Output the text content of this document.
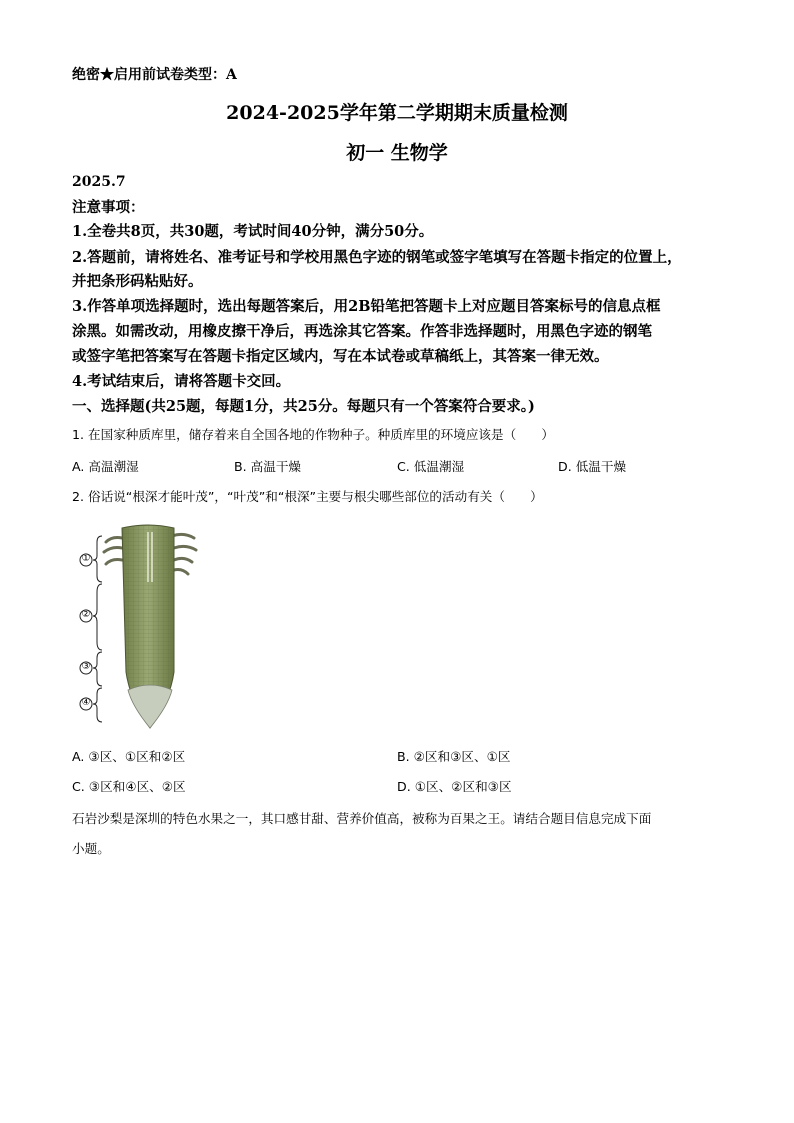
绝密★启用前试卷类型：A
2024-2025学年第二学期期末质量检测
初一 生物学
2025.7
注意事项：
1.全卷共8页，共30题，考试时间40分钟，满分50分。
2.答题前，请将姓名、准考证号和学校用黑色字迹的钢笔或签字笔填写在答题卡指定的位置上，
并把条形码粘贴好。
3.作答单项选择题时，选出每题答案后，用2B铅笔把答题卡上对应题目答案标号的信息点框
涂黑。如需改动，用橡皮擦干净后，再选涂其它答案。作答非选择题时，用黑色字迹的钢笔
或签字笔把答案写在答题卡指定区域内，写在本试卷或草稿纸上，其答案一律无效。
4.考试结束后，请将答题卡交回。
一、选择题(共25题，每题1分，共25分。每题只有一个答案符合要求。)
1. 在国家种质库里，储存着来自全国各地的作物种子。种质库里的环境应该是（　　）
A. 高温潮湿	B. 高温干燥	C. 低温潮湿	D. 低温干燥
2. 俗话说“根深才能叶茂”，“叶茂”和“根深”主要与根尖哪些部位的活动有关（　　）
①
②
③
④
A. ③区、①区和②区	B. ②区和③区、①区
C. ③区和④区、②区	D. ①区、②区和③区
石岩沙梨是深圳的特色水果之一，其口感甘甜、营养价值高，被称为百果之王。请结合题目信息完成下面
小题。
